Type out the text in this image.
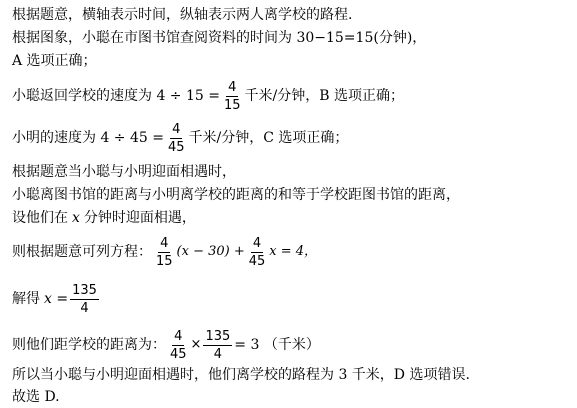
根据题意，横轴表示时间，纵轴表示两人离学校的路程.
根据图象，小聪在市图书馆查阅资料的时间为 30−15=15(分钟)，
A 选项正确；
小聪返回学校的速度为 $4 \div 15 = \frac{4}{15}$ 千米/分钟，B 选项正确；
小明的速度为 $4 \div 45 = \frac{4}{45}$ 千米/分钟，C 选项正确；
根据题意当小聪与小明迎面相遇时，
小聪离图书馆的距离与小明离学校的距离的和等于学校距图书馆的距离，
设他们在 x 分钟时迎面相遇，
则根据题意可列方程： $\frac{4}{15} (x - 30) + \frac{4}{45}$ x = 4，
解得 $x = \frac{135}{4}$
则他们距学校的距离为： $\frac{4}{45} \times \frac{135}{4} = 3$ （千米）
所以当小聪与小明迎面相遇时，他们离学校的路程为 3 千米，D 选项错误.
故选 D.
